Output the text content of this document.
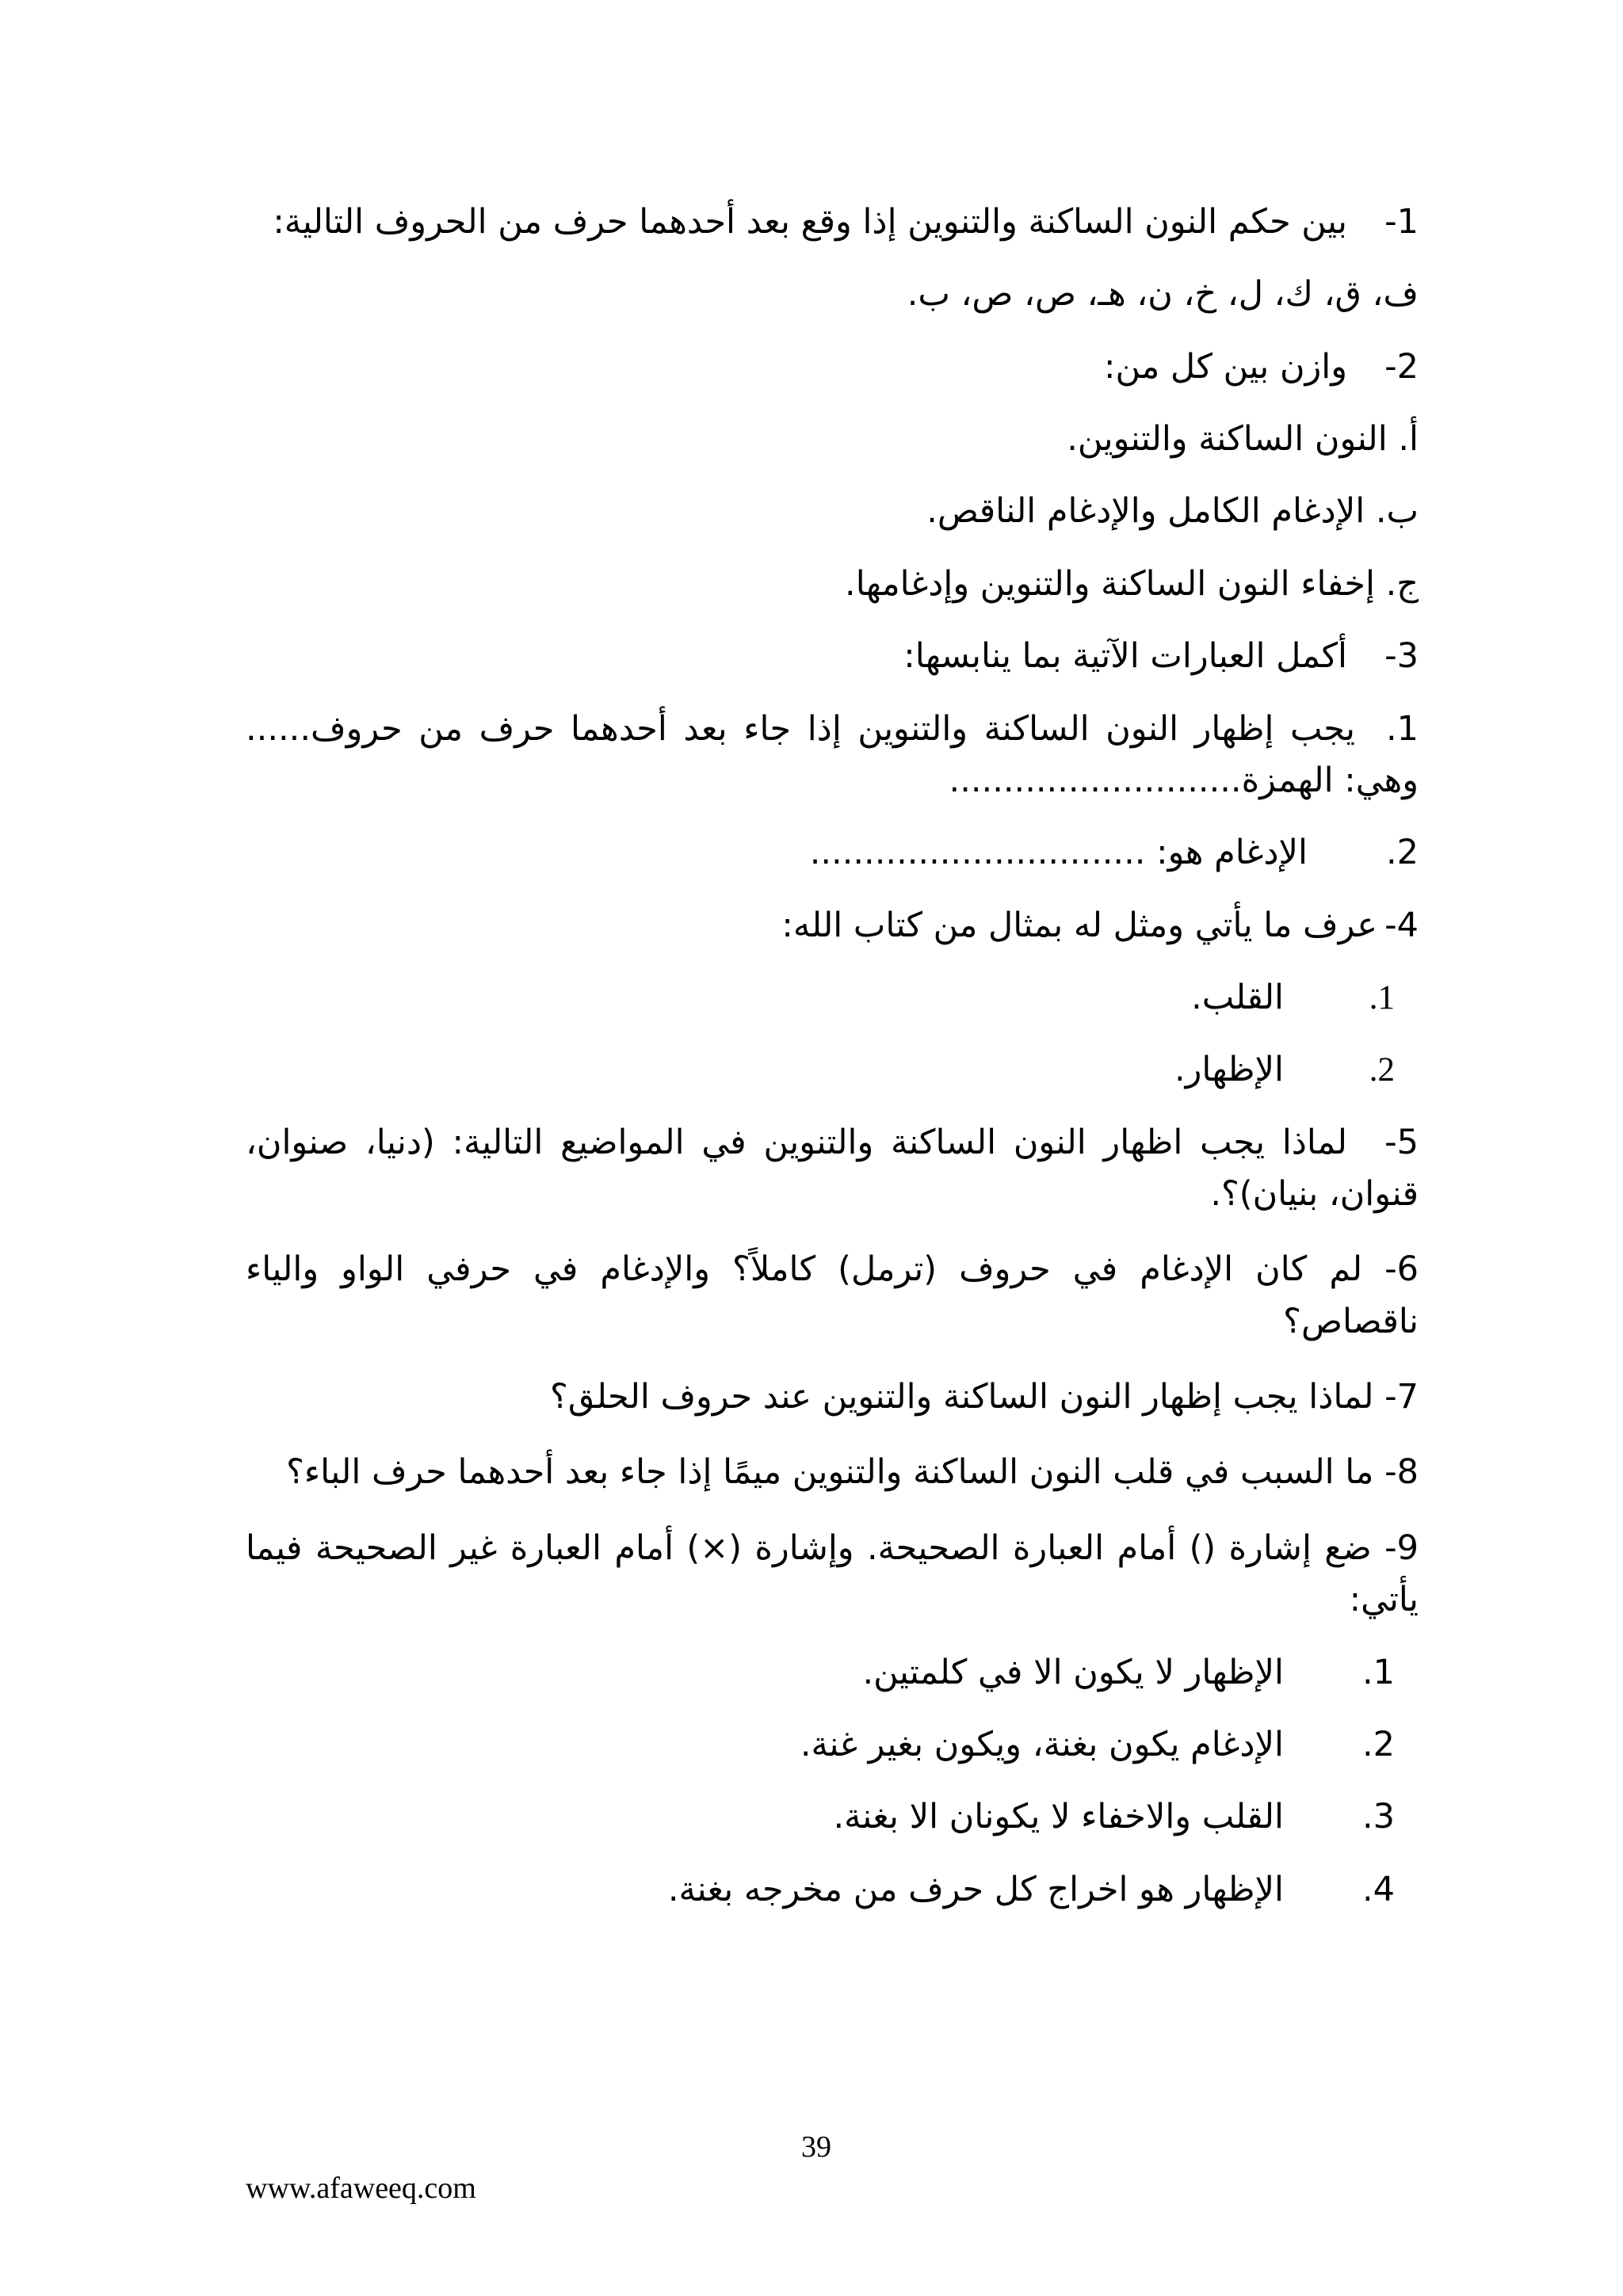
1-بين حكم النون الساكنة والتنوين إذا وقع بعد أحدهما حرف من الحروف التالية:

ف، ق، ك، ل، خ، ن، هـ، ص، ص، ب.

2-وازن بين كل من:

أ. النون الساكنة والتنوين.

ب. الإدغام الكامل والإدغام الناقص.

ج. إخفاء النون الساكنة والتنوين وإدغامها.

3-أكمل العبارات الآتية بما ينابسها:

1.يجب إظهار النون الساكنة والتنوين إذا جاء بعد أحدهما حرف من حروف...... وهي: الهمزة...........................

2.الإدغام هو: ...............................

4-عرف ما يأتي ومثل له بمثال من كتاب الله:

1.القلب.

2.الإظهار.

5-لماذا يجب اظهار النون الساكنة والتنوين في المواضيع التالية: (دنيا، صنوان، قنوان، بنيان)؟.

6- لم كان الإدغام في حروف (ترمل) كاملاً؟ والإدغام في حرفي الواو والياء ناقصاص؟

7- لماذا يجب إظهار النون الساكنة والتنوين عند حروف الحلق؟

8- ما السبب في قلب النون الساكنة والتنوين ميمًا إذا جاء بعد أحدهما حرف الباء؟

9- ضع إشارة () أمام العبارة الصحيحة. وإشارة (×) أمام العبارة غير الصحيحة فيما يأتي:

1.الإظهار لا يكون الا في كلمتين.

2.الإدغام يكون بغنة، ويكون بغير غنة.

3.القلب والاخفاء لا يكونان الا بغنة.

4.الإظهار هو اخراج كل حرف من مخرجه بغنة.

39
www.afaweeq.com
